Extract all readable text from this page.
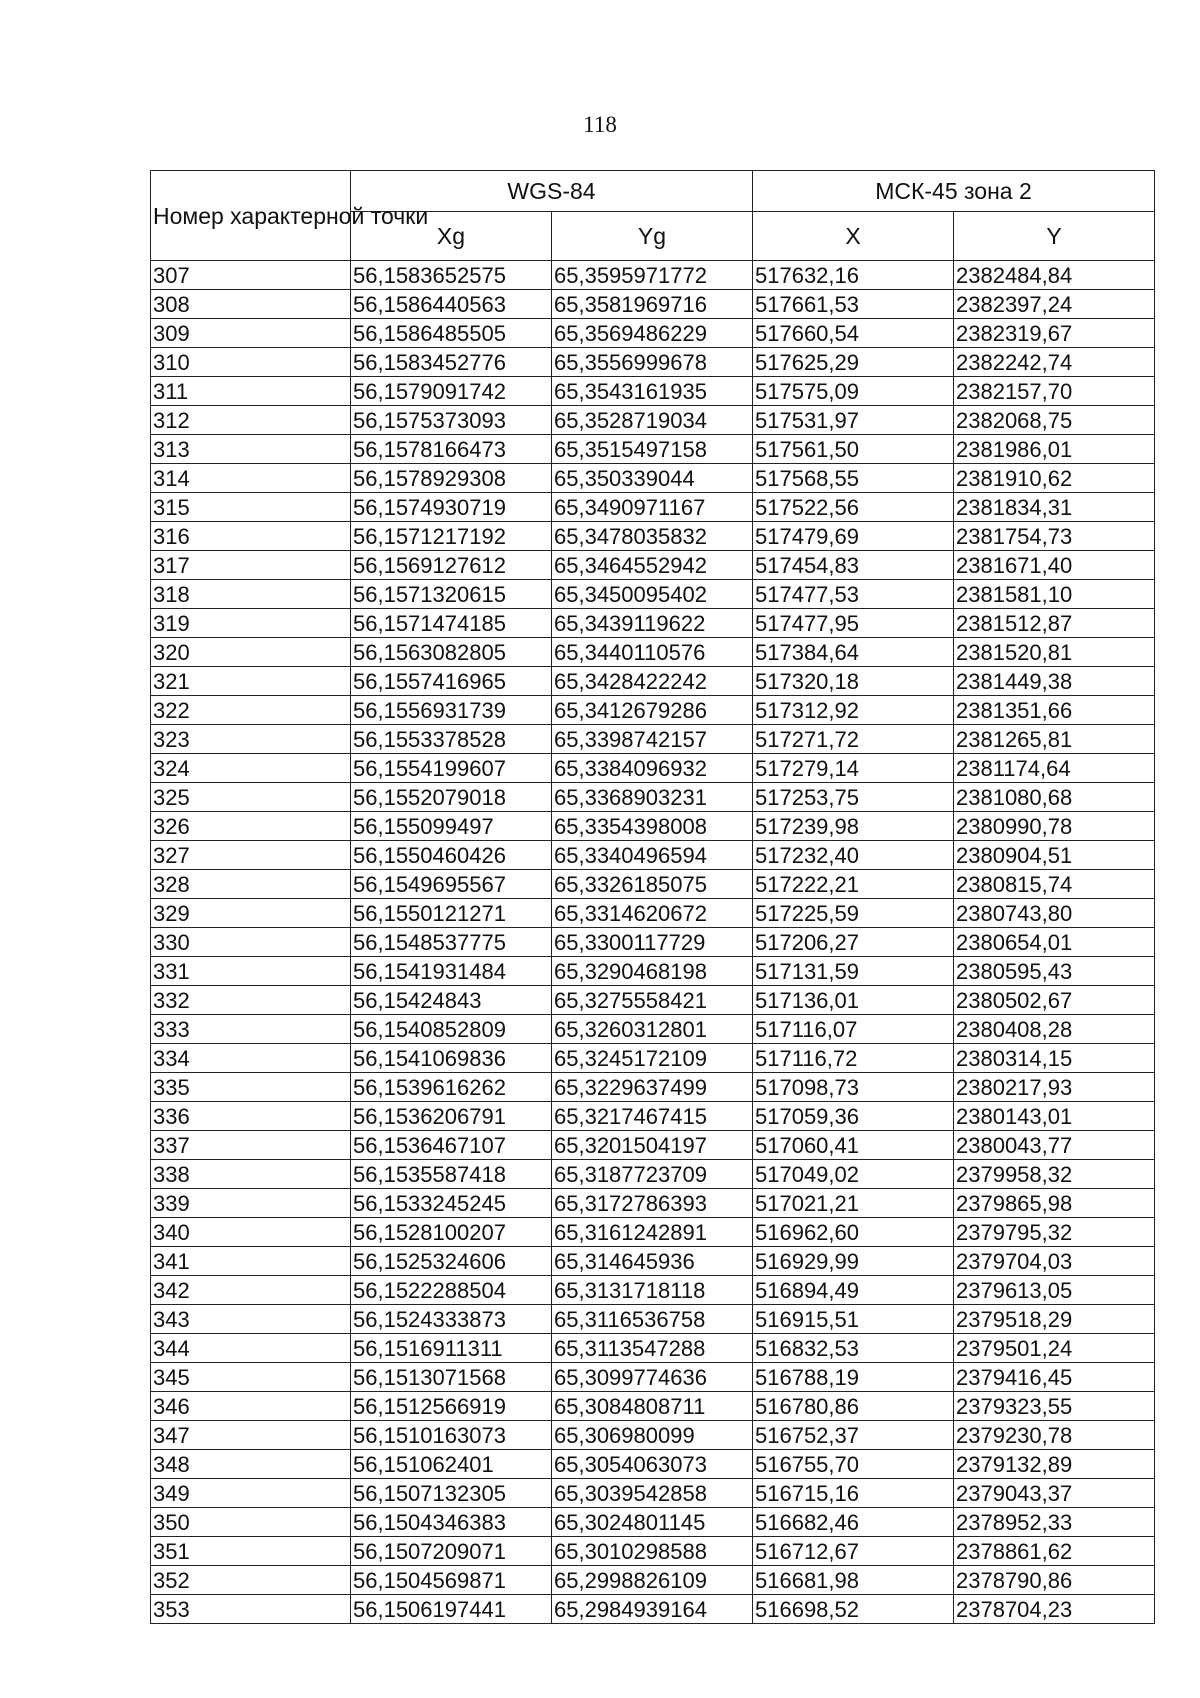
118
Номер характерной точки	WGS-84		МСК-45 зона 2	
	Xg	Yg	X	Y
307	56,1583652575	65,3595971772	517632,16	2382484,84
308	56,1586440563	65,3581969716	517661,53	2382397,24
309	56,1586485505	65,3569486229	517660,54	2382319,67
310	56,1583452776	65,3556999678	517625,29	2382242,74
311	56,1579091742	65,3543161935	517575,09	2382157,70
312	56,1575373093	65,3528719034	517531,97	2382068,75
313	56,1578166473	65,3515497158	517561,50	2381986,01
314	56,1578929308	65,350339044	517568,55	2381910,62
315	56,1574930719	65,3490971167	517522,56	2381834,31
316	56,1571217192	65,3478035832	517479,69	2381754,73
317	56,1569127612	65,3464552942	517454,83	2381671,40
318	56,1571320615	65,3450095402	517477,53	2381581,10
319	56,1571474185	65,3439119622	517477,95	2381512,87
320	56,1563082805	65,3440110576	517384,64	2381520,81
321	56,1557416965	65,3428422242	517320,18	2381449,38
322	56,1556931739	65,3412679286	517312,92	2381351,66
323	56,1553378528	65,3398742157	517271,72	2381265,81
324	56,1554199607	65,3384096932	517279,14	2381174,64
325	56,1552079018	65,3368903231	517253,75	2381080,68
326	56,155099497	65,3354398008	517239,98	2380990,78
327	56,1550460426	65,3340496594	517232,40	2380904,51
328	56,1549695567	65,3326185075	517222,21	2380815,74
329	56,1550121271	65,3314620672	517225,59	2380743,80
330	56,1548537775	65,3300117729	517206,27	2380654,01
331	56,1541931484	65,3290468198	517131,59	2380595,43
332	56,15424843	65,3275558421	517136,01	2380502,67
333	56,1540852809	65,3260312801	517116,07	2380408,28
334	56,1541069836	65,3245172109	517116,72	2380314,15
335	56,1539616262	65,3229637499	517098,73	2380217,93
336	56,1536206791	65,3217467415	517059,36	2380143,01
337	56,1536467107	65,3201504197	517060,41	2380043,77
338	56,1535587418	65,3187723709	517049,02	2379958,32
339	56,1533245245	65,3172786393	517021,21	2379865,98
340	56,1528100207	65,3161242891	516962,60	2379795,32
341	56,1525324606	65,314645936	516929,99	2379704,03
342	56,1522288504	65,3131718118	516894,49	2379613,05
343	56,1524333873	65,3116536758	516915,51	2379518,29
344	56,1516911311	65,3113547288	516832,53	2379501,24
345	56,1513071568	65,3099774636	516788,19	2379416,45
346	56,1512566919	65,3084808711	516780,86	2379323,55
347	56,1510163073	65,306980099	516752,37	2379230,78
348	56,151062401	65,3054063073	516755,70	2379132,89
349	56,1507132305	65,3039542858	516715,16	2379043,37
350	56,1504346383	65,3024801145	516682,46	2378952,33
351	56,1507209071	65,3010298588	516712,67	2378861,62
352	56,1504569871	65,2998826109	516681,98	2378790,86
353	56,1506197441	65,2984939164	516698,52	2378704,23
